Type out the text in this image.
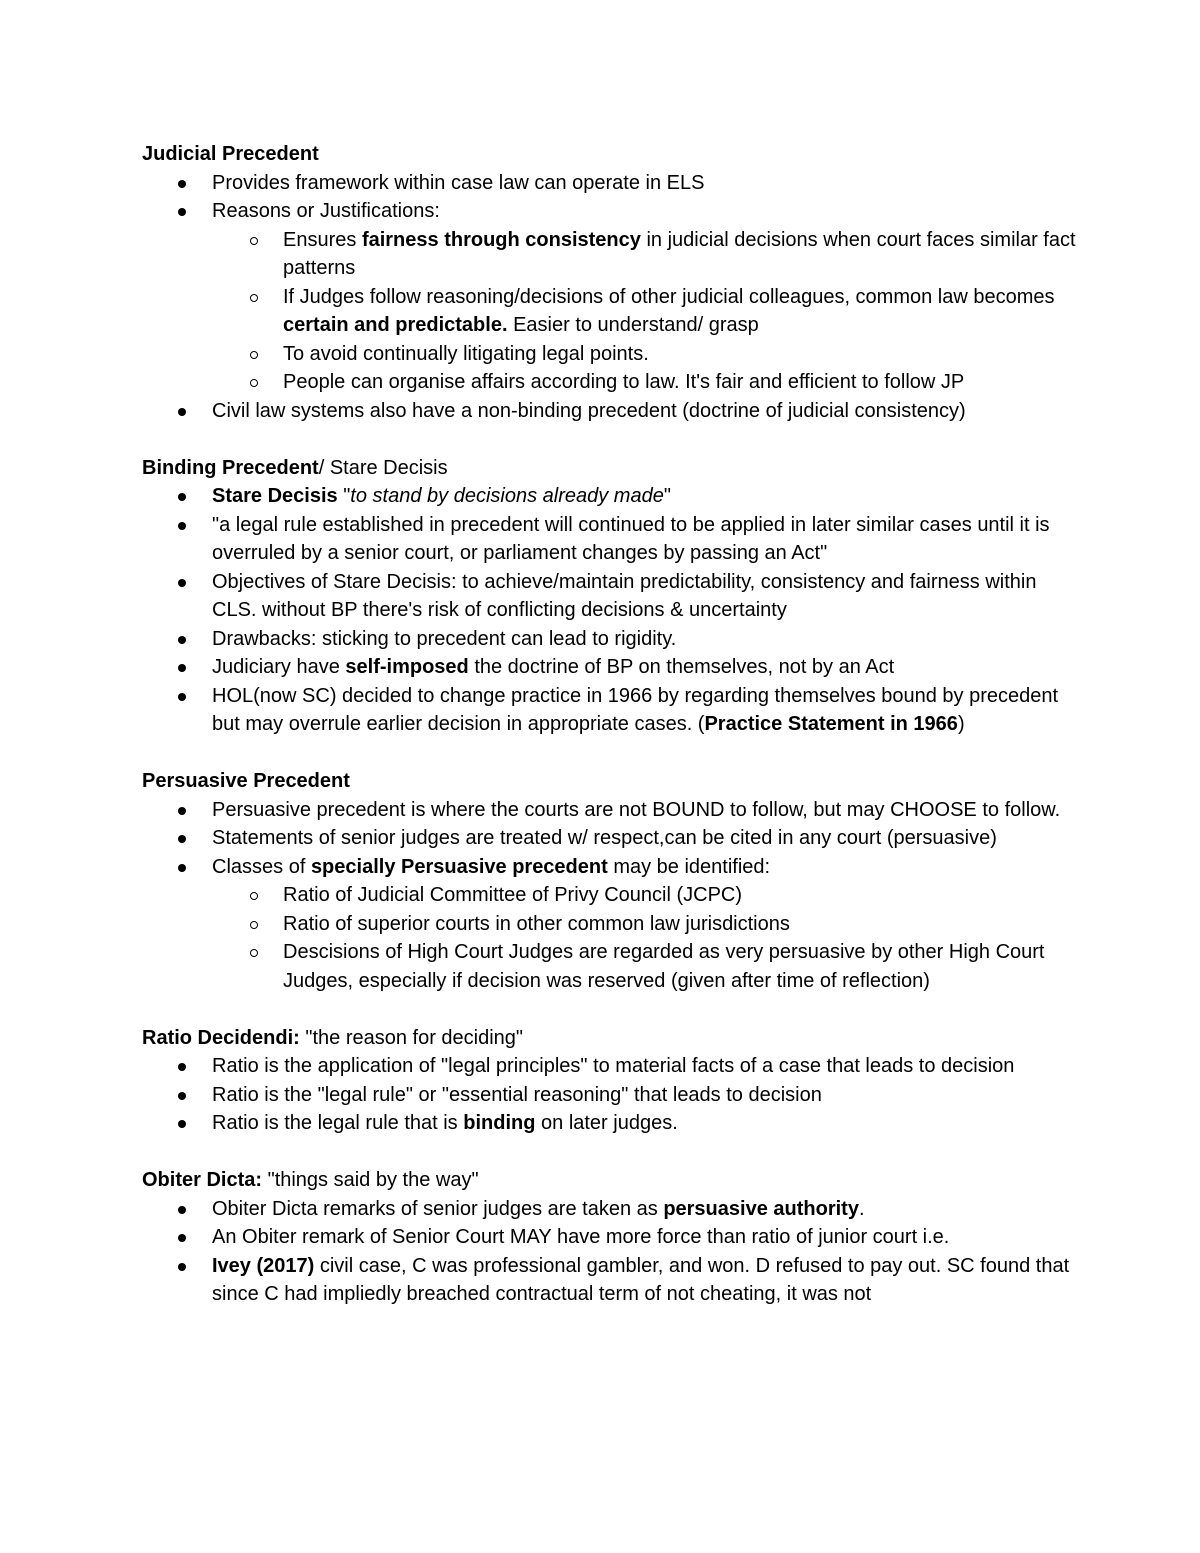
Judicial Precedent
Provides framework within case law can operate in ELS
Reasons or Justifications:
Ensures fairness through consistency in judicial decisions when court faces similar fact patterns
If Judges follow reasoning/decisions of other judicial colleagues, common law becomes certain and predictable. Easier to understand/ grasp
To avoid continually litigating legal points.
People can organise affairs according to law. It's fair and efficient to follow JP
Civil law systems also have a non-binding precedent (doctrine of judicial consistency)
Binding Precedent/ Stare Decisis
Stare Decisis "to stand by decisions already made"
"a legal rule established in precedent will continued to be applied in later similar cases until it is overruled by a senior court, or parliament changes by passing an Act"
Objectives of Stare Decisis: to achieve/maintain predictability, consistency and fairness within CLS. without BP there's risk of conflicting decisions & uncertainty
Drawbacks: sticking to precedent can lead to rigidity.
Judiciary have self-imposed the doctrine of BP on themselves, not by an Act
HOL(now SC) decided to change practice in 1966 by regarding themselves bound by precedent but may overrule earlier decision in appropriate cases. (Practice Statement in 1966)
Persuasive Precedent
Persuasive precedent is where the courts are not BOUND to follow, but may CHOOSE to follow.
Statements of senior judges are treated w/ respect,can be cited in any court (persuasive)
Classes of specially Persuasive precedent may be identified:
Ratio of Judicial Committee of Privy Council (JCPC)
Ratio of superior courts in other common law jurisdictions
Descisions of High Court Judges are regarded as very persuasive by other High Court Judges, especially if decision was reserved (given after time of reflection)
Ratio Decidendi: "the reason for deciding"
Ratio is the application of "legal principles" to material facts of a case that leads to decision
Ratio is the "legal rule" or "essential reasoning" that leads to decision
Ratio is the legal rule that is binding on later judges.
Obiter Dicta: "things said by the way"
Obiter Dicta remarks of senior judges are taken as persuasive authority.
An Obiter remark of Senior Court MAY have more force than ratio of junior court i.e.
Ivey (2017) civil case, C was professional gambler, and won. D refused to pay out. SC found that since C had impliedly breached contractual term of not cheating, it was not
